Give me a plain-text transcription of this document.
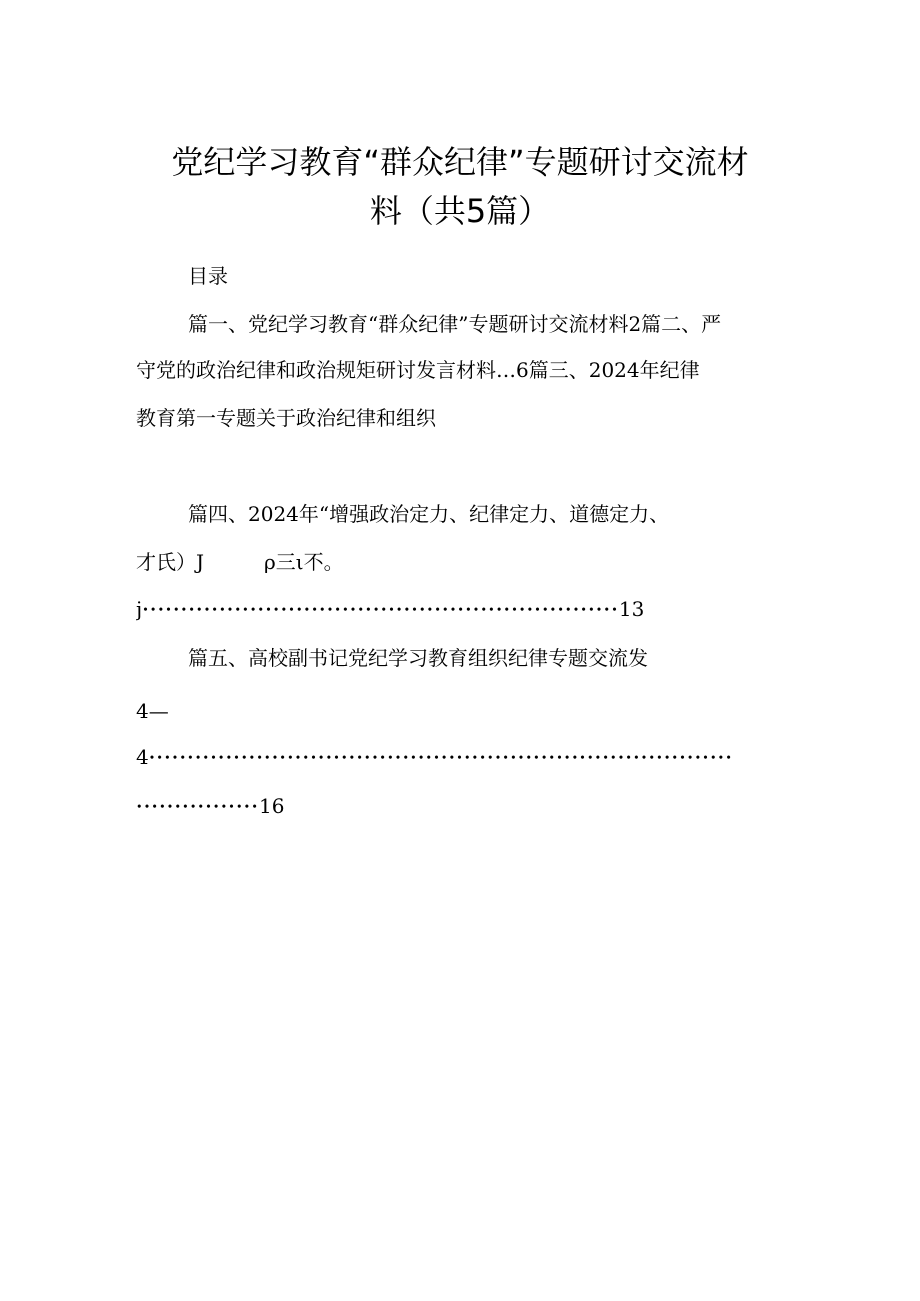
党纪学习教育“群众纪律”专题研讨交流材
料（共5篇）
目录
篇一、党纪学习教育“群众纪律”专题研讨交流材料2篇二、严
守党的政治纪律和政治规矩研讨发言材料…6篇三、2024年纪律
教育第一专题关于政治纪律和组织
篇四、2024年“增强政治定力、纪律定力、道德定力、
才氏）J　　　ρ三ι不。
j••••••••••••••••••••••••••••••••••••••••••••••••••••••••••••••13
篇五、高校副书记党纪学习教育组织纪律专题交流发
4—
4••••••••••••••••••••••••••••••••••••••••••••••••••••••••••••••••••••••••••••
••••••••••••••••16
